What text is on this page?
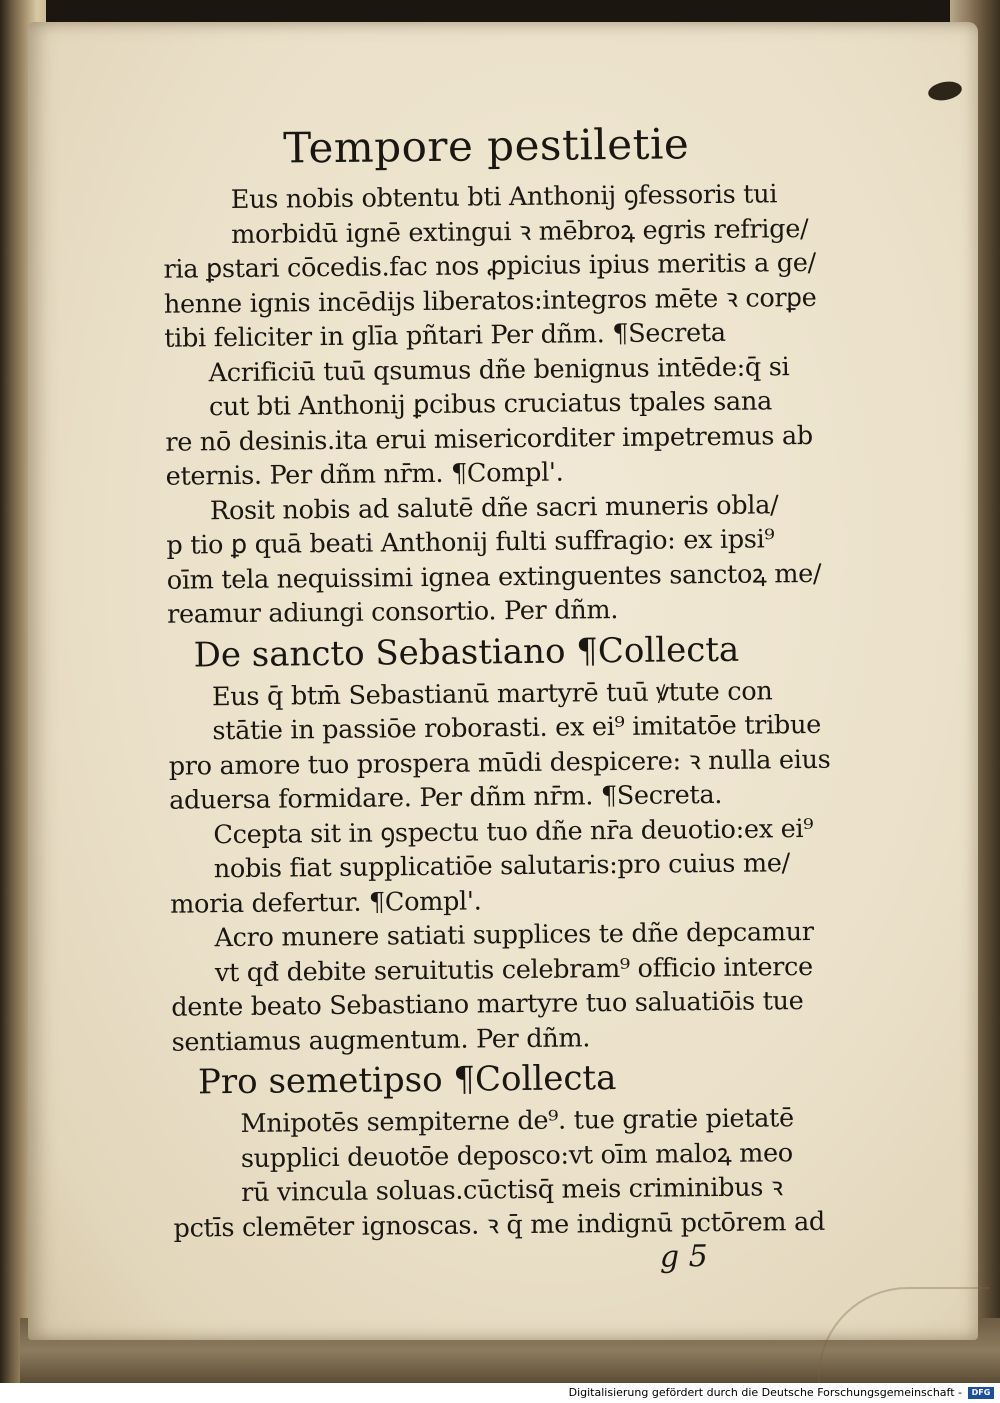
Tempore pestiletie
Eus nobis obtentu bti Anthonij ꝯfessoris tui
morbidū ignē extingui ꝛ mēbroꝝ egris refrige/
ria ꝑstari cōcedis.fac nos ꝓpicius ipius meritis a ge/
henne ignis incēdijs liberatos:integros mēte ꝛ corꝑe
tibi feliciter in glīa pñtari Per dñm. ¶Secreta
Acrificiū tuū qsumus dñe benignus intēde:q̄ si
cut bti Anthonij ꝑcibus cruciatus tpales sana
re nō desinis.ita erui misericorditer impetremus ab
eternis. Per dñm nr̄m. ¶Compl'.
Rosit nobis ad salutē dñe sacri muneris obla/
p tio ꝑ quā beati Anthonij fulti suffragio: ex ipsi⁹
oīm tela nequissimi ignea extinguentes sanctoꝝ me/
reamur adiungi consortio. Per dñm.
De sancto Sebastiano ¶Collecta
Eus q̄ btm̄ Sebastianū martyrē tuū ꝟtute con
stātie in passiōe roborasti. ex ei⁹ imitatōe tribue
pro amore tuo prospera mūdi despicere: ꝛ nulla eius
aduersa formidare. Per dñm nr̄m. ¶Secreta.
Ccepta sit in ꝯspectu tuo dñe nr̄a deuotio:ex ei⁹
nobis fiat supplicatiōe salutaris:pro cuius me/
moria defertur. ¶Compl'.
Acro munere satiati supplices te dñe depcamur
vt qđ debite seruitutis celebram⁹ officio interce
dente beato Sebastiano martyre tuo saluatiōis tue
sentiamus augmentum. Per dñm.
Pro semetipso ¶Collecta
Mnipotēs sempiterne de⁹. tue gratie pietatē
supplici deuotōe deposco:vt oīm maloꝝ meo
rū vincula soluas.cūctisq̄ meis criminibus ꝛ
pctīs clemēter ignoscas. ꝛ q̄ me indignū pctōrem ad
g 5
Digitalisierung gefördert durch die Deutsche Forschungsgemeinschaft -	DFG
